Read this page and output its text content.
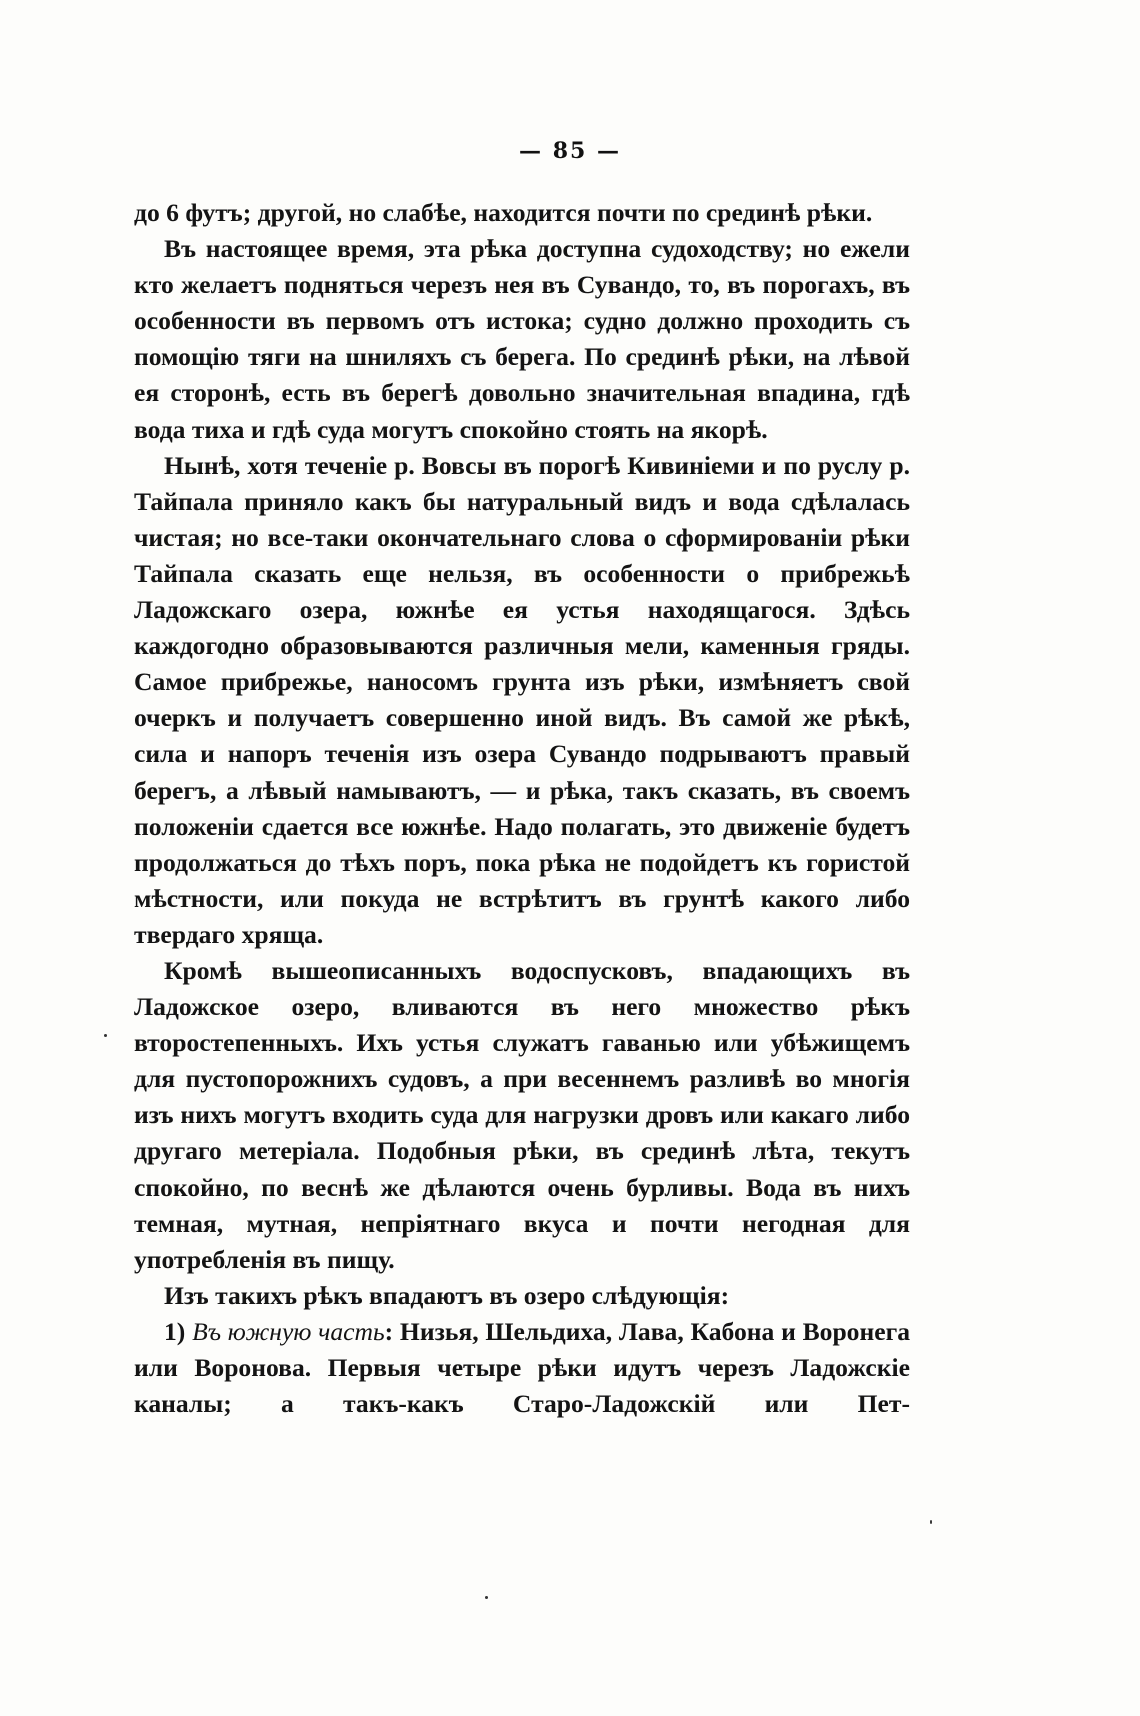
— 85 —

до 6 футъ; другой, но слабѣе, находится почти по срединѣ рѣки.

Въ настоящее время, эта рѣка доступна судоходству; но ежели кто желаетъ подняться черезъ нея въ Сувандо, то, въ порогахъ, въ особенности въ первомъ отъ истока; судно должно проходить съ помощію тяги на шниляхъ съ берега. По срединѣ рѣки, на лѣвой ея сторонѣ, есть въ берегѣ довольно значительная впадина, гдѣ вода тиха и гдѣ суда могутъ спокойно стоять на якорѣ.

Нынѣ, хотя теченіе р. Вовсы въ порогѣ Кивиніеми и по руслу р. Тайпала приняло какъ бы натуральный видъ и вода сдѣлалась чистая; но все-таки окончательнаго слова о сформированіи рѣки Тайпала сказать еще нельзя, въ особенности о прибрежьѣ Ладожскаго озера, южнѣе ея устья находящагося. Здѣсь каждогодно образовываются различныя мели, каменныя гряды. Самое прибрежье, наносомъ грунта изъ рѣки, измѣняетъ свой очеркъ и получаетъ совершенно иной видъ. Въ самой же рѣкѣ, сила и напоръ теченія изъ озера Сувандо подрываютъ правый берегъ, а лѣвый намываютъ, — и рѣка, такъ сказать, въ своемъ положеніи сдается все южнѣе. Надо полагать, это движеніе будетъ продолжаться до тѣхъ поръ, пока рѣка не подойдетъ къ гористой мѣстности, или покуда не встрѣтитъ въ грунтѣ какого либо твердаго хряща.

Кромѣ вышеописанныхъ водоспусковъ, впадающихъ въ Ладожское озеро, вливаются въ него множество рѣкъ второстепенныхъ. Ихъ устья служатъ гаванью или убѣжищемъ для пустопорожнихъ судовъ, а при весеннемъ разливѣ во многія изъ нихъ могутъ входить суда для нагрузки дровъ или какаго либо другаго метеріала. Подобныя рѣки, въ срединѣ лѣта, текутъ спокойно, по веснѣ же дѣлаются очень бурливы. Вода въ нихъ темная, мутная, непріятнаго вкуса и почти негодная для употребленія въ пищу.

Изъ такихъ рѣкъ впадаютъ въ озеро слѣдующія:

1) Въ южную часть: Низья, Шельдиха, Лава, Кабона и Воронега или Воронова. Первыя четыре рѣки идутъ черезъ Ладожскіе каналы; а такъ-какъ Старо-Ладожскій или Пет-
